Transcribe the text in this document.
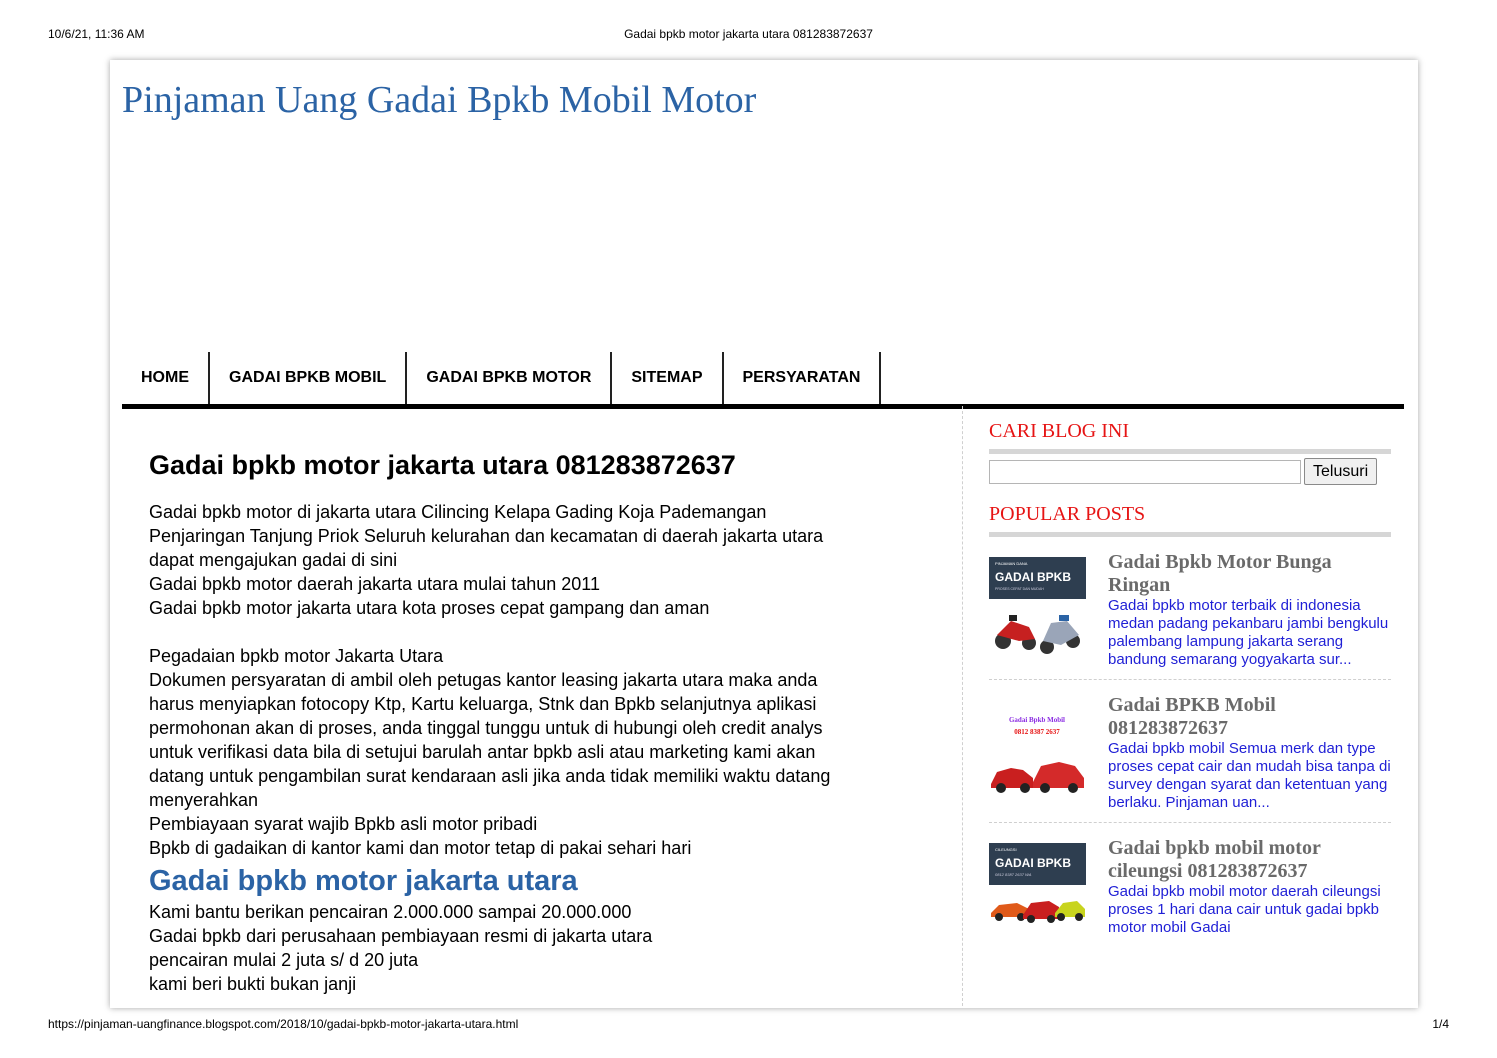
10/6/21, 11:36 AM	Gadai bpkb motor jakarta utara 081283872637
Pinjaman Uang Gadai Bpkb Mobil Motor
HOME	GADAI BPKB MOBIL	GADAI BPKB MOTOR	SITEMAP	PERSYARATAN
Gadai bpkb motor jakarta utara 081283872637
Gadai bpkb motor di jakarta utara Cilincing Kelapa Gading Koja Pademangan
Penjaringan Tanjung Priok Seluruh kelurahan dan kecamatan di daerah jakarta utara
dapat mengajukan gadai di sini
Gadai bpkb motor daerah jakarta utara mulai tahun 2011
Gadai bpkb motor jakarta utara kota proses cepat gampang dan aman
Pegadaian bpkb motor Jakarta Utara
Dokumen persyaratan di ambil oleh petugas kantor leasing jakarta utara maka anda
harus menyiapkan fotocopy Ktp, Kartu keluarga, Stnk dan Bpkb selanjutnya aplikasi
permohonan akan di proses, anda tinggal tunggu untuk di hubungi oleh credit analys
untuk verifikasi data bila di setujui barulah antar bpkb asli atau marketing kami akan
datang untuk pengambilan surat kendaraan asli jika anda tidak memiliki waktu datang
menyerahkan
Pembiayaan syarat wajib Bpkb asli motor pribadi
Bpkb di gadaikan di kantor kami dan motor tetap di pakai sehari hari
Gadai bpkb motor jakarta utara
Kami bantu berikan pencairan 2.000.000 sampai 20.000.000
Gadai bpkb dari perusahaan pembiayaan resmi di jakarta utara
pencairan mulai 2 juta s/ d 20 juta
kami beri bukti bukan janji
CARI BLOG INI
Telusuri
POPULAR POSTS
PINJAMAN DANA
GADAI BPKB
PROSES CEPAT DAN MUDAH
Gadai Bpkb Motor Bunga Ringan
Gadai bpkb motor terbaik di indonesia medan padang pekanbaru jambi bengkulu palembang lampung jakarta serang bandung semarang yogyakarta sur...
Gadai Bpkb Mobil
0812 8387 2637
Gadai BPKB Mobil 081283872637
Gadai bpkb mobil Semua merk dan type proses cepat cair dan mudah bisa tanpa di survey dengan syarat dan ketentuan yang berlaku. Pinjaman uan...
CILEUNGSI
GADAI BPKB
0812 8387 2637 WA
Gadai bpkb mobil motor cileungsi 081283872637
Gadai bpkb mobil motor daerah cileungsi proses 1 hari dana cair untuk gadai bpkb motor mobil Gadai
https://pinjaman-uangfinance.blogspot.com/2018/10/gadai-bpkb-motor-jakarta-utara.html	1/4
